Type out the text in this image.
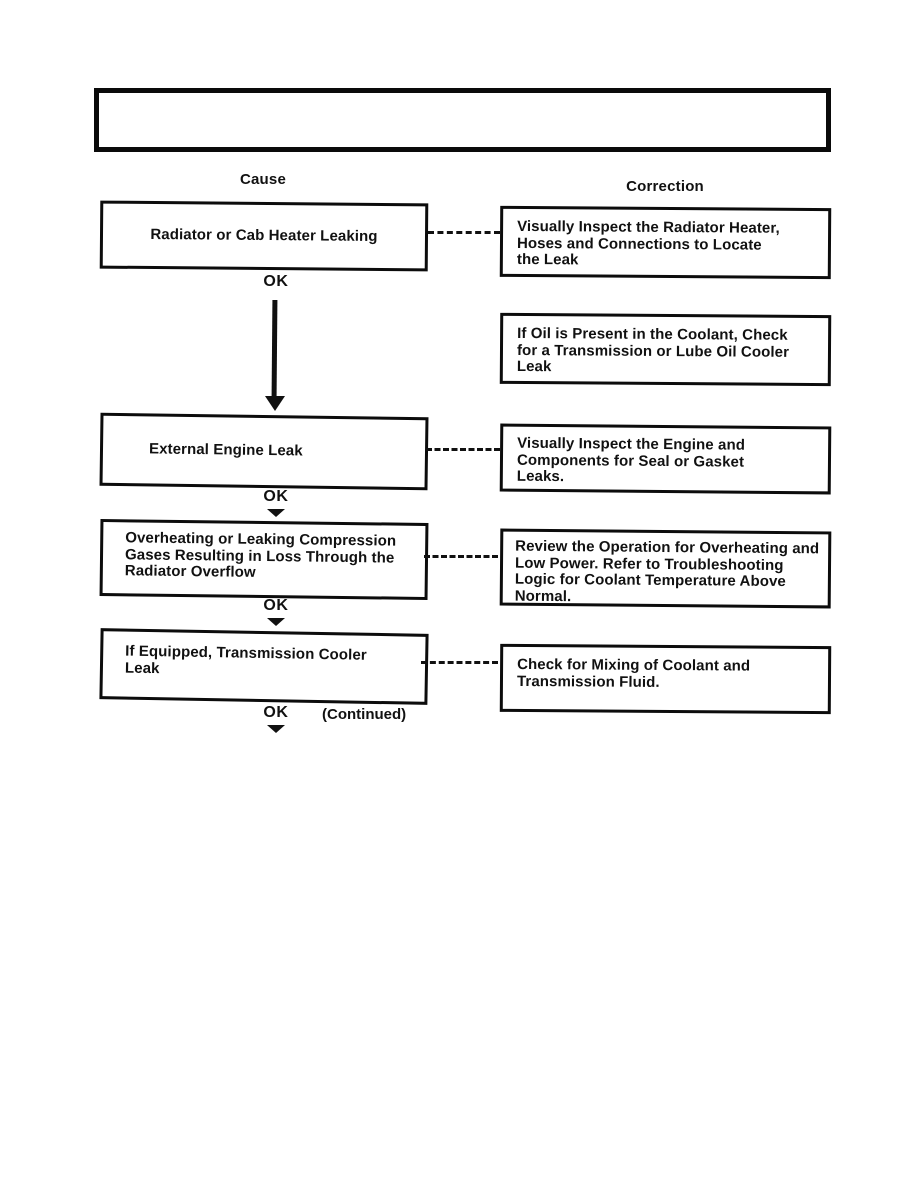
Cause	Correction
Radiator or Cab Heater Leaking	Visually Inspect the Radiator Heater,
Hoses and Connections to Locate
the Leak
OK
If Oil is Present in the Coolant, Check
for a Transmission or Lube Oil Cooler
Leak
External Engine Leak	Visually Inspect the Engine and
Components for Seal or Gasket
Leaks.
OK
Overheating or Leaking Compression
Gases Resulting in Loss Through the
Radiator Overflow
Review the Operation for Overheating and
Low Power. Refer to Troubleshooting
Logic for Coolant Temperature Above
Normal.
OK
If Equipped, Transmission Cooler
Leak	Check for Mixing of Coolant and
Transmission Fluid.
OK	(Continued)
